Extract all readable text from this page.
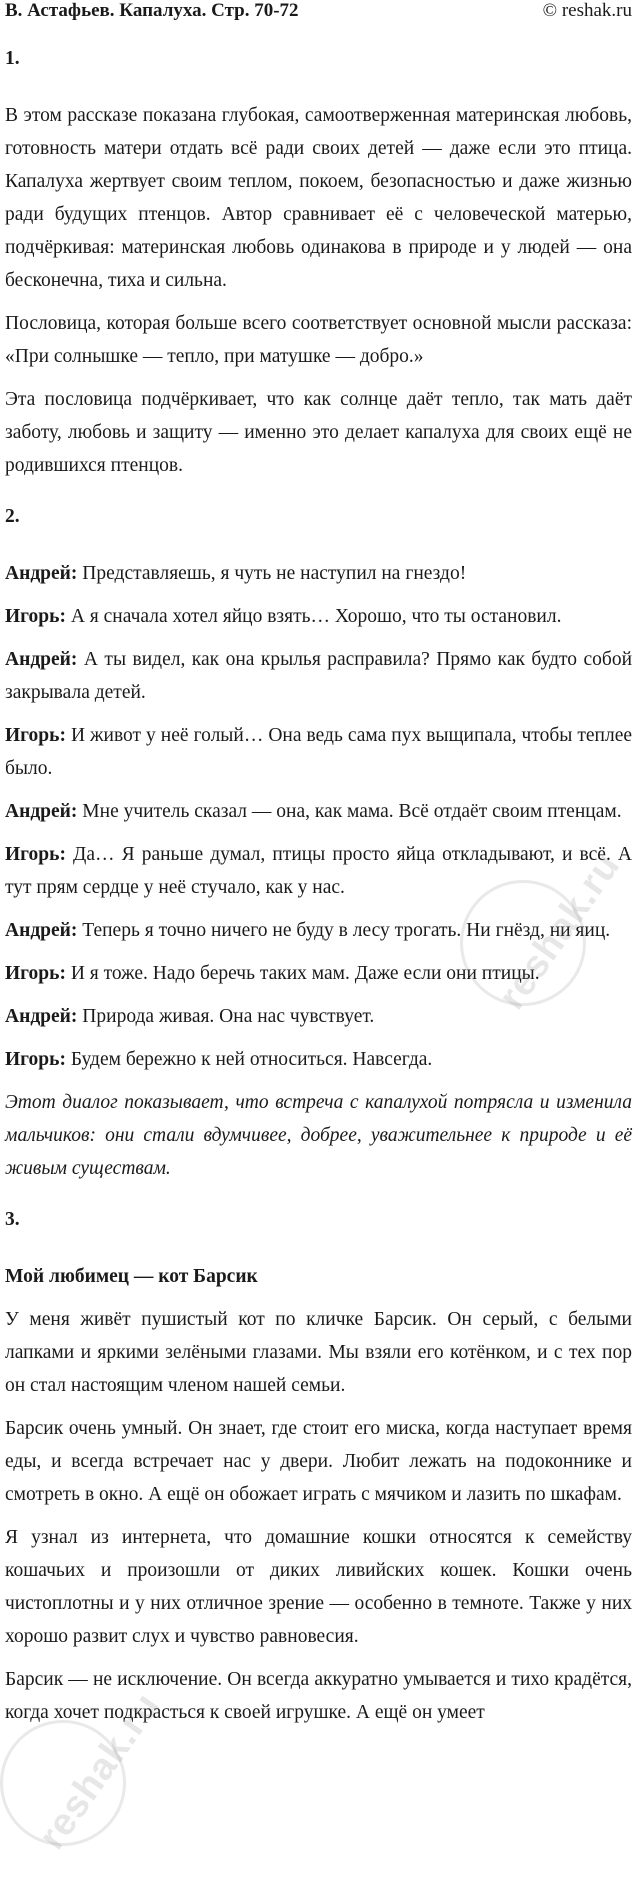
В. Астафьев. Капалуха. Стр. 70-72	© reshak.ru
1.

В этом рассказе показана глубокая, самоотверженная материнская любовь, готовность матери отдать всё ради своих детей — даже если это птица. Капалуха жертвует своим теплом, покоем, безопасностью и даже жизнью ради будущих птенцов. Автор сравнивает её с человеческой матерью, подчёркивая: материнская любовь одинакова в природе и у людей — она бесконечна, тиха и сильна.

Пословица, которая больше всего соответствует основной мысли рассказа: «При солнышке — тепло, при матушке — добро.»

Эта пословица подчёркивает, что как солнце даёт тепло, так мать даёт заботу, любовь и защиту — именно это делает капалуха для своих ещё не родившихся птенцов.

2.

Андрей: Представляешь, я чуть не наступил на гнездо!

Игорь: А я сначала хотел яйцо взять… Хорошо, что ты остановил.

Андрей: А ты видел, как она крылья расправила? Прямо как будто собой закрывала детей.

Игорь: И живот у неё голый… Она ведь сама пух выщипала, чтобы теплее было.

Андрей: Мне учитель сказал — она, как мама. Всё отдаёт своим птенцам.

Игорь: Да… Я раньше думал, птицы просто яйца откладывают, и всё. А тут прям сердце у неё стучало, как у нас.

Андрей: Теперь я точно ничего не буду в лесу трогать. Ни гнёзд, ни яиц.

Игорь: И я тоже. Надо беречь таких мам. Даже если они птицы.

Андрей: Природа живая. Она нас чувствует.

Игорь: Будем бережно к ней относиться. Навсегда.

Этот диалог показывает, что встреча с капалухой потрясла и изменила мальчиков: они стали вдумчивее, добрее, уважительнее к природе и её живым существам.

3.
Мой любимец — кот Барсик

У меня живёт пушистый кот по кличке Барсик. Он серый, с белыми лапками и яркими зелёными глазами. Мы взяли его котёнком, и с тех пор он стал настоящим членом нашей семьи.

Барсик очень умный. Он знает, где стоит его миска, когда наступает время еды, и всегда встречает нас у двери. Любит лежать на подоконнике и смотреть в окно. А ещё он обожает играть с мячиком и лазить по шкафам.

Я узнал из интернета, что домашние кошки относятся к семейству кошачьих и произошли от диких ливийских кошек. Кошки очень чистоплотны и у них отличное зрение — особенно в темноте. Также у них хорошо развит слух и чувство равновесия.

Барсик — не исключение. Он всегда аккуратно умывается и тихо крадётся, когда хочет подкрасться к своей игрушке. А ещё он умеет

reshak.ru
reshak.ru
